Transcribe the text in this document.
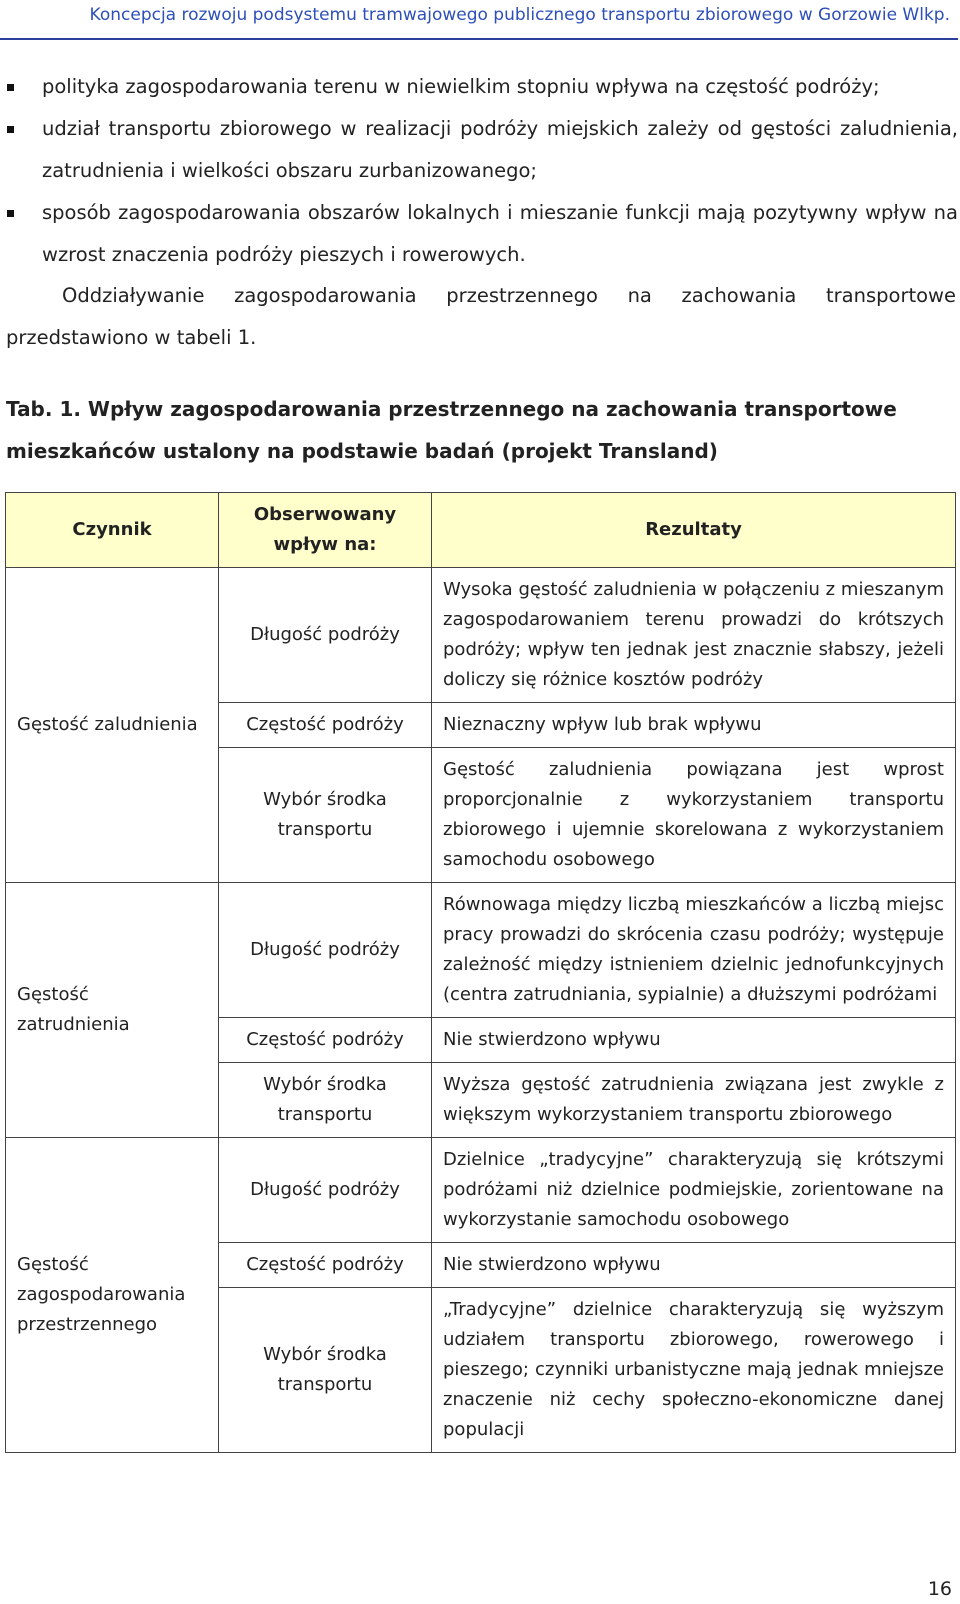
Koncepcja rozwoju podsystemu tramwajowego publicznego transportu zbiorowego w Gorzowie Wlkp.
polityka zagospodarowania terenu w niewielkim stopniu wpływa na częstość podróży;
udział transportu zbiorowego w realizacji podróży miejskich zależy od gęstości zaludnienia, zatrudnienia i wielkości obszaru zurbanizowanego;
sposób zagospodarowania obszarów lokalnych i mieszanie funkcji mają pozytywny wpływ na wzrost znaczenia podróży pieszych i rowerowych.
Oddziaływanie zagospodarowania przestrzennego na zachowania transportowe przedstawiono w tabeli 1.
Tab. 1. Wpływ zagospodarowania przestrzennego na zachowania transportowe mieszkańców ustalony na podstawie badań (projekt Transland)
Czynnik	Obserwowany wpływ na:	Rezultaty
Gęstość zaludnienia	Długość podróży	Wysoka gęstość zaludnienia w połączeniu z mieszanym zagospodarowaniem terenu prowadzi do krótszych podróży; wpływ ten jednak jest znacznie słabszy, jeżeli doliczy się różnice kosztów podróży
	Częstość podróży	Nieznaczny wpływ lub brak wpływu
	Wybór środka transportu	Gęstość zaludnienia powiązana jest wprost proporcjonalnie z wykorzystaniem transportu zbiorowego i ujemnie skorelowana z wykorzystaniem samochodu osobowego
Gęstość zatrudnienia	Długość podróży	Równowaga między liczbą mieszkańców a liczbą miejsc pracy prowadzi do skrócenia czasu podróży; występuje zależność między istnieniem dzielnic jednofunkcyjnych (centra zatrudniania, sypialnie) a dłuższymi podróżami
	Częstość podróży	Nie stwierdzono wpływu
	Wybór środka transportu	Wyższa gęstość zatrudnienia związana jest zwykle z większym wykorzystaniem transportu zbiorowego
Gęstość zagospodarowania przestrzennego	Długość podróży	Dzielnice „tradycyjne” charakteryzują się krótszymi podróżami niż dzielnice podmiejskie, zorientowane na wykorzystanie samochodu osobowego
	Częstość podróży	Nie stwierdzono wpływu
	Wybór środka transportu	„Tradycyjne” dzielnice charakteryzują się wyższym udziałem transportu zbiorowego, rowerowego i pieszego; czynniki urbanistyczne mają jednak mniejsze znaczenie niż cechy społeczno-ekonomiczne danej populacji
16
